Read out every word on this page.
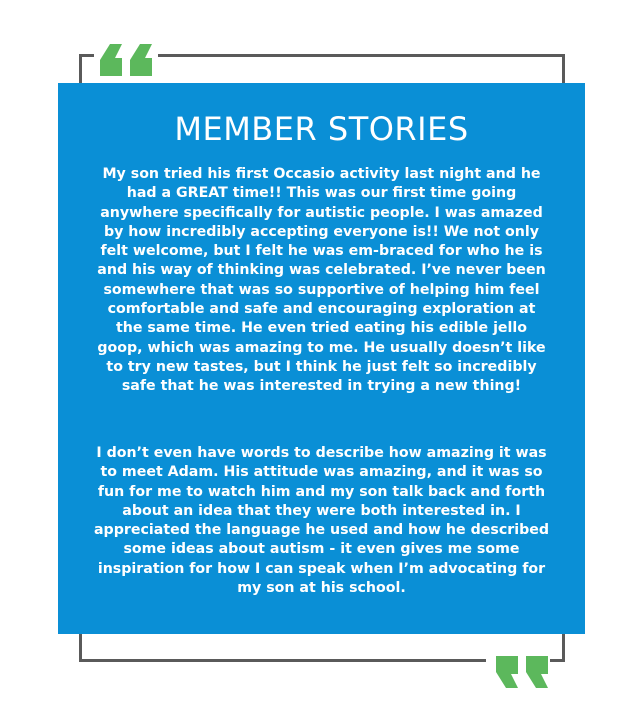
MEMBER STORIES

My son tried his first Occasio activity last night and he had a GREAT time!! This was our first time going anywhere specifically for autistic people. I was amazed by how incredibly accepting everyone is!! We not only felt welcome, but I felt he was em-braced for who he is and his way of thinking was celebrated. I’ve never been somewhere that was so supportive of helping him feel comfortable and safe and encouraging exploration at the same time. He even tried eating his edible jello goop, which was amazing to me. He usually doesn’t like to try new tastes, but I think he just felt so incredibly safe that he was interested in trying a new thing!

I don’t even have words to describe how amazing it was to meet Adam. His attitude was amazing, and it was so fun for me to watch him and my son talk back and forth about an idea that they were both interested in. I appreciated the language he used and how he described some ideas about autism - it even gives me some inspiration for how I can speak when I’m advocating for my son at his school.
